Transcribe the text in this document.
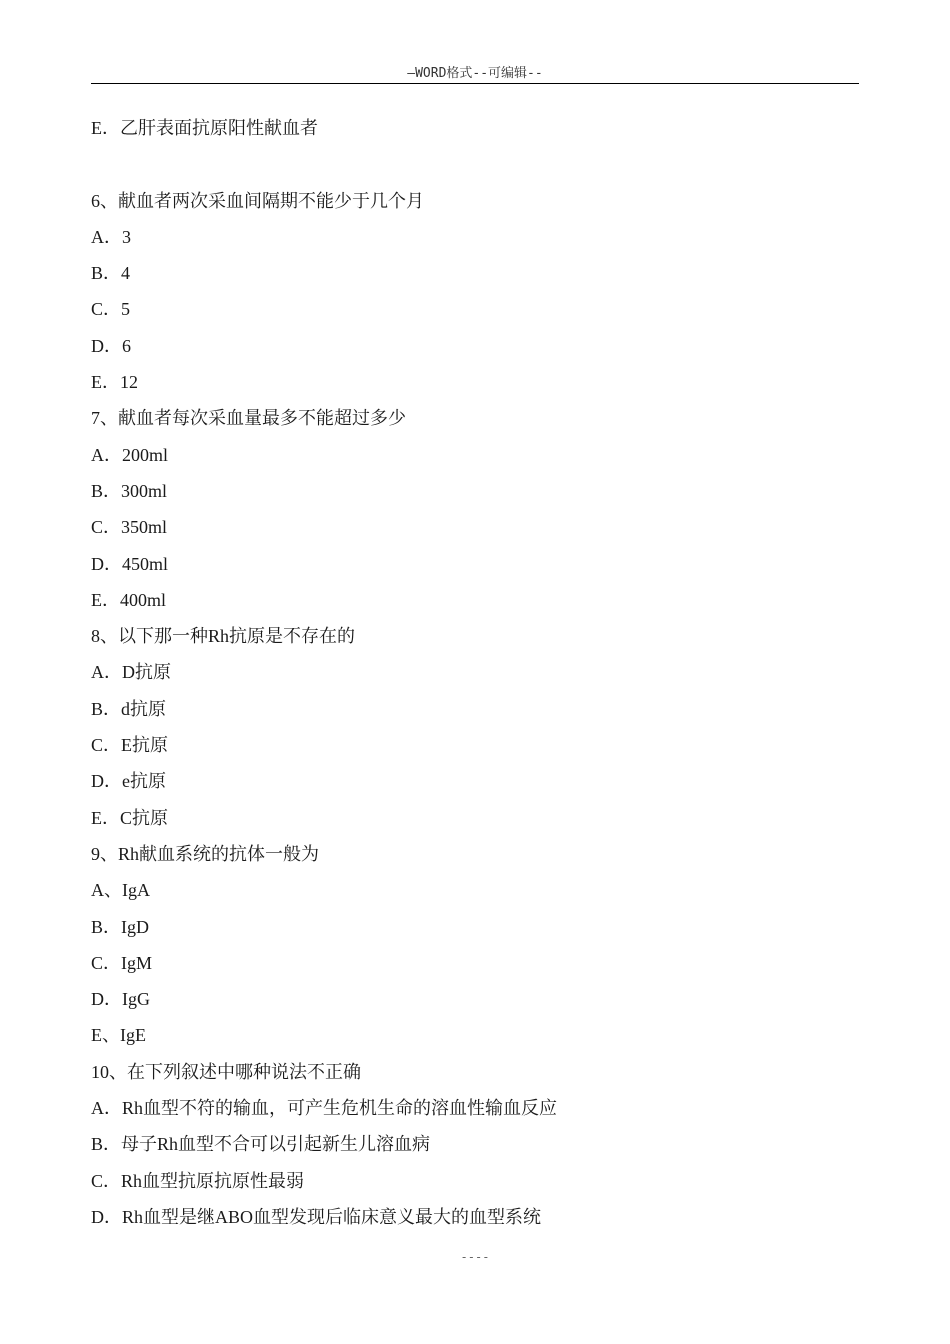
—WORD格式--可编辑--
E．乙肝表面抗原阳性献血者
6、献血者两次采血间隔期不能少于几个月
A．3
B．4
C．5
D．6
E．12
7、献血者每次采血量最多不能超过多少
A．200ml
B．300ml
C．350ml
D．450ml
E．400ml
8、以下那一种Rh抗原是不存在的
A．D抗原
B．d抗原
C．E抗原
D．e抗原
E．C抗原
9、Rh献血系统的抗体一般为
A、IgA
B．IgD
C．IgM
D．IgG
E、IgE
10、在下列叙述中哪种说法不正确
A．Rh血型不符的输血，可产生危机生命的溶血性输血反应
B．母子Rh血型不合可以引起新生儿溶血病
C．Rh血型抗原抗原性最弱
D．Rh血型是继ABO血型发现后临床意义最大的血型系统
----
